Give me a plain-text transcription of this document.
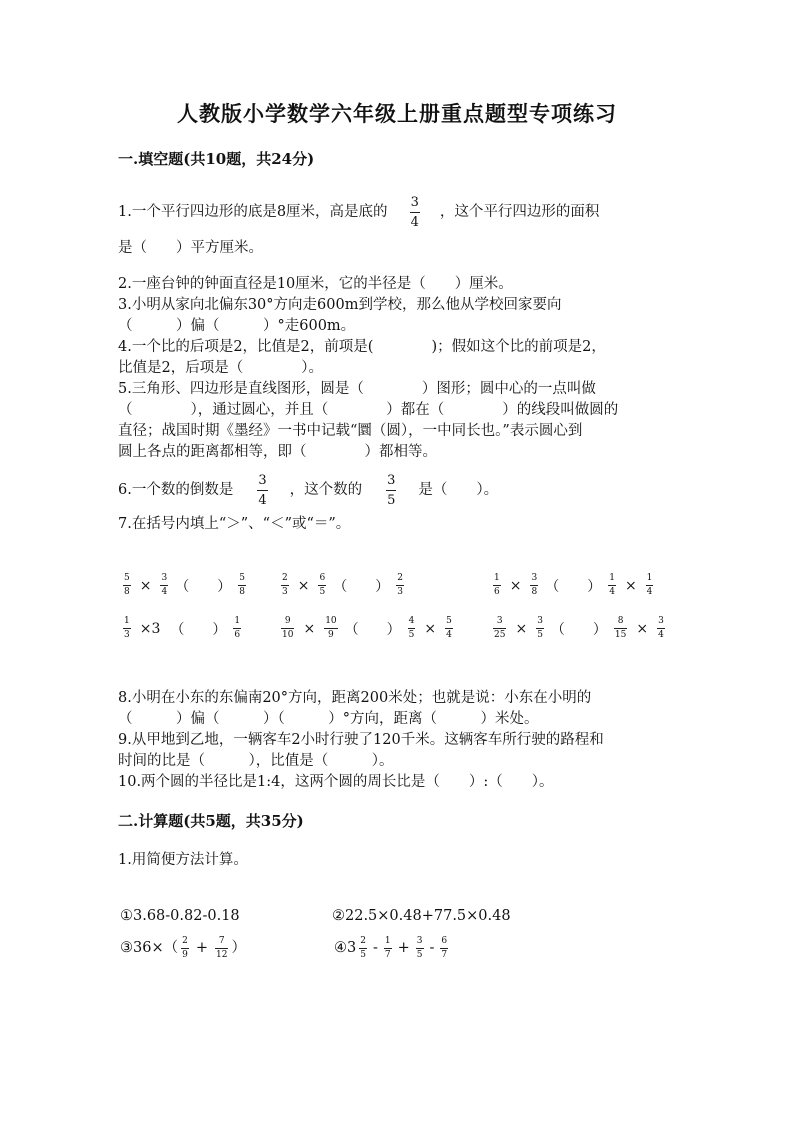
人教版小学数学六年级上册重点题型专项练习
一.填空题(共10题，共24分)
1.一个平行四边形的底是8厘米，高是底的 $\frac{3}{4}$ ，这个平行四边形的面积
是（　　）平方厘米。
2.一座台钟的钟面直径是10厘米，它的半径是（　　）厘米。
3.小明从家向北偏东30°方向走600m到学校，那么他从学校回家要向
（　　　）偏（　　　）°走600m。
4.一个比的后项是2，比值是2，前项是(　　　　)；假如这个比的前项是2，
比值是2，后项是（　　　　）。
5.三角形、四边形是直线图形，圆是（　　　　）图形；圆中心的一点叫做
（　　　　），通过圆心，并且（　　　　）都在（　　　　）的线段叫做圆的
直径；战国时期《墨经》一书中记载“圜（圆），一中同长也。”表示圆心到
圆上各点的距离都相等，即（　　　　）都相等。
6.一个数的倒数是 $\frac{3}{4}$ ，这个数的 $\frac{3}{5}$ 是（　　）。
7.在括号内填上“＞”、“＜”或“＝”。
$\frac{5}{8} \times \frac{3}{4}$ （　　） $\frac{5}{8}$	$\frac{2}{3} \times \frac{6}{5}$ （　　） $\frac{2}{3}$	$\frac{1}{6} \times \frac{3}{8}$ （　　） $\frac{1}{4} \times \frac{1}{4}$
$\frac{1}{3} \times 3$ （　　） $\frac{1}{6}$	$\frac{9}{10} \times \frac{10}{9}$ （　　） $\frac{4}{5} \times \frac{5}{4}$	$\frac{3}{25} \times \frac{3}{5}$ （　　） $\frac{8}{15} \times \frac{3}{4}$
8.小明在小东的东偏南20°方向，距离200米处；也就是说：小东在小明的
（　　　）偏（　　　）（　　　）°方向，距离（　　　）米处。
9.从甲地到乙地，一辆客车2小时行驶了120千米。这辆客车所行驶的路程和
时间的比是（　　　），比值是（　　　）。
10.两个圆的半径比是1:4，这两个圆的周长比是（　　）:（　　）。
二.计算题(共5题，共35分)
1.用简便方法计算。
①3.68-0.82-0.18	②22.5×0.48+77.5×0.48
③36×（ $\frac{2}{9} + \frac{7}{12}$ ）	④3 $\frac{2}{5} - \frac{1}{7} + \frac{3}{5} - \frac{6}{7}$
